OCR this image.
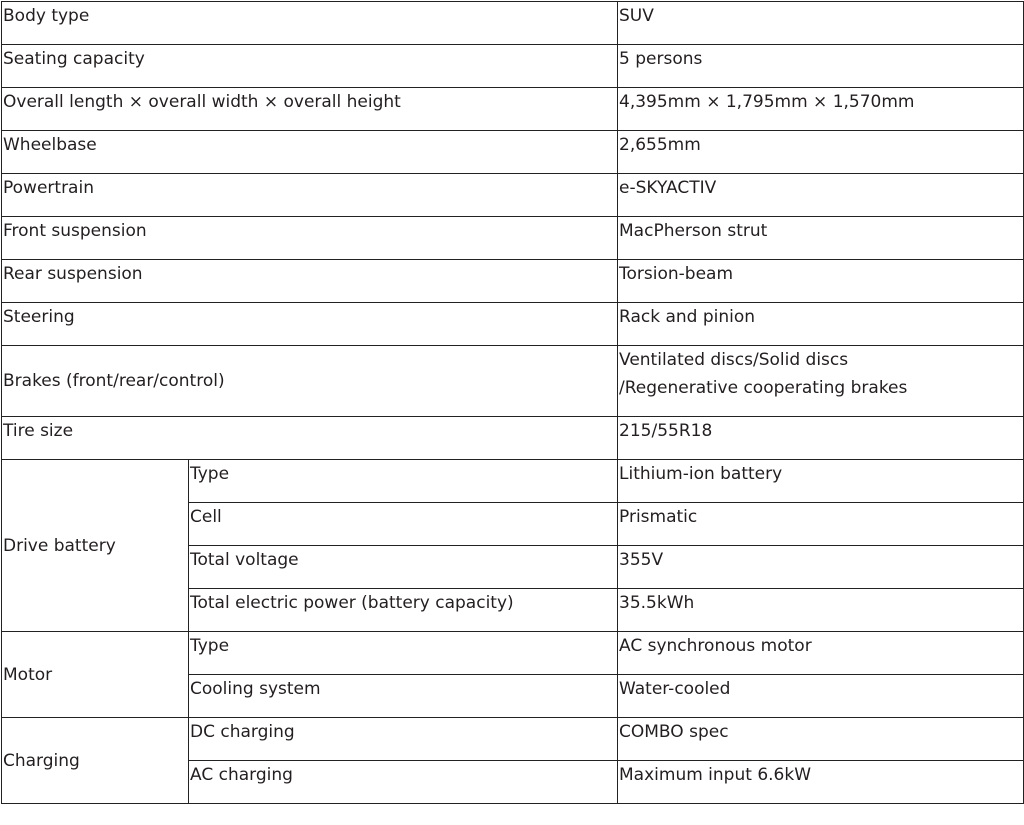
Body type		SUV
Seating capacity		5 persons
Overall length × overall width × overall height		4,395mm × 1,795mm × 1,570mm
Wheelbase		2,655mm
Powertrain		e-SKYACTIV
Front suspension		MacPherson strut
Rear suspension		Torsion-beam
Steering		Rack and pinion
Brakes (front/rear/control)		Ventilated discs/Solid discs
/Regenerative cooperating brakes

Tire size		215/55R18
Drive battery	Type	Lithium-ion battery
	Cell	Prismatic
	Total voltage	355V
	Total electric power (battery capacity)	35.5kWh
Motor	Type	AC synchronous motor
	Cooling system	Water-cooled
Charging	DC charging	COMBO spec
	AC charging	Maximum input 6.6kW
